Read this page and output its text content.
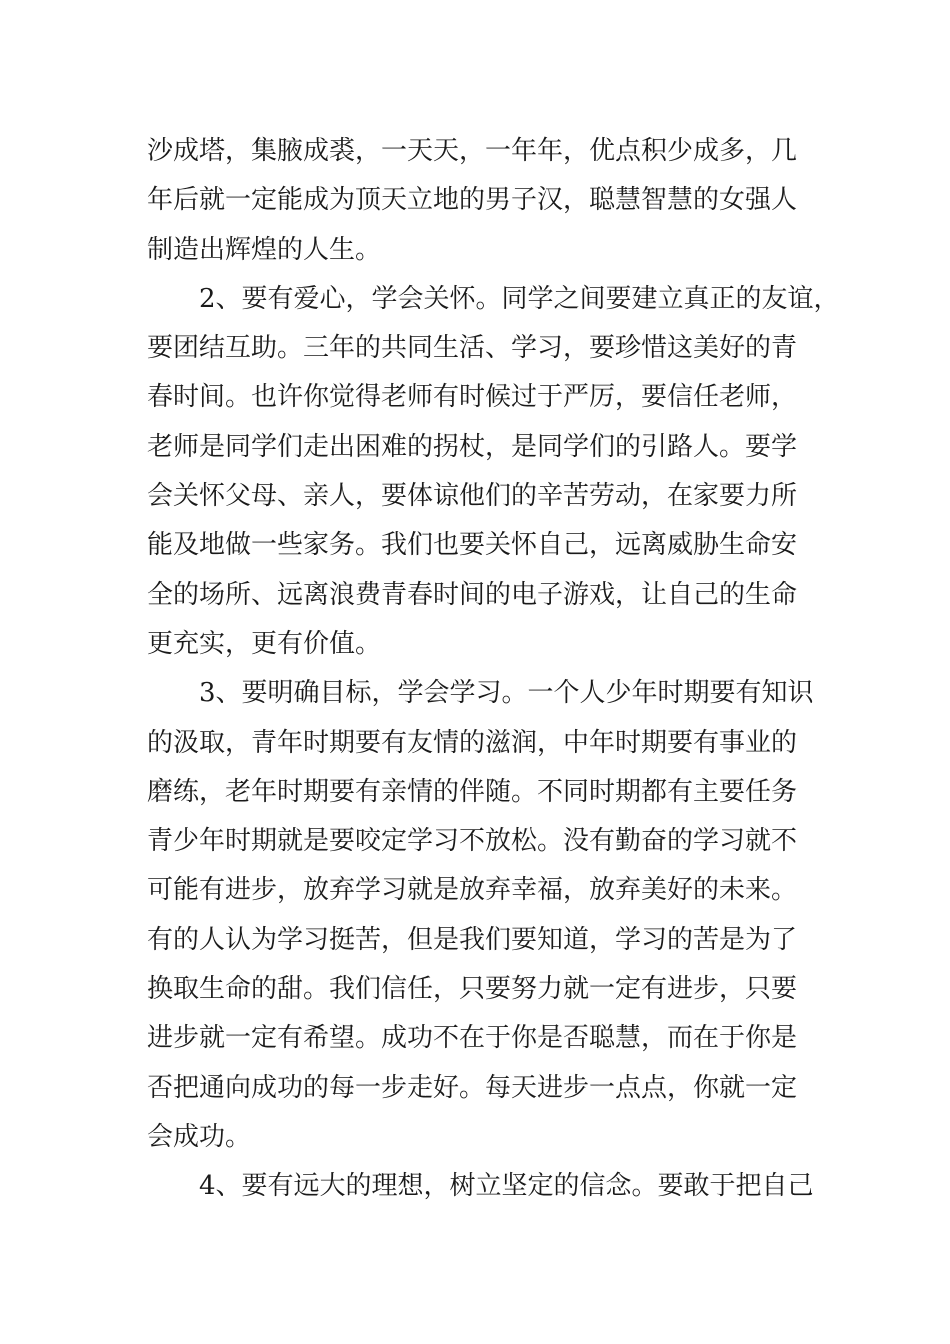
沙成塔，集腋成裘，一天天，一年年，优点积少成多，几
年后就一定能成为顶天立地的男子汉，聪慧智慧的女强人
制造出辉煌的人生。
2、要有爱心，学会关怀。同学之间要建立真正的友谊，
要团结互助。三年的共同生活、学习，要珍惜这美好的青
春时间。也许你觉得老师有时候过于严厉，要信任老师，
老师是同学们走出困难的拐杖，是同学们的引路人。要学
会关怀父母、亲人，要体谅他们的辛苦劳动，在家要力所
能及地做一些家务。我们也要关怀自己，远离威胁生命安
全的场所、远离浪费青春时间的电子游戏，让自己的生命
更充实，更有价值。
3、要明确目标，学会学习。一个人少年时期要有知识
的汲取，青年时期要有友情的滋润，中年时期要有事业的
磨练，老年时期要有亲情的伴随。不同时期都有主要任务
青少年时期就是要咬定学习不放松。没有勤奋的学习就不
可能有进步，放弃学习就是放弃幸福，放弃美好的未来。
有的人认为学习挺苦，但是我们要知道，学习的苦是为了
换取生命的甜。我们信任，只要努力就一定有进步，只要
进步就一定有希望。成功不在于你是否聪慧，而在于你是
否把通向成功的每一步走好。每天进步一点点，你就一定
会成功。
4、要有远大的理想，树立坚定的信念。要敢于把自己
